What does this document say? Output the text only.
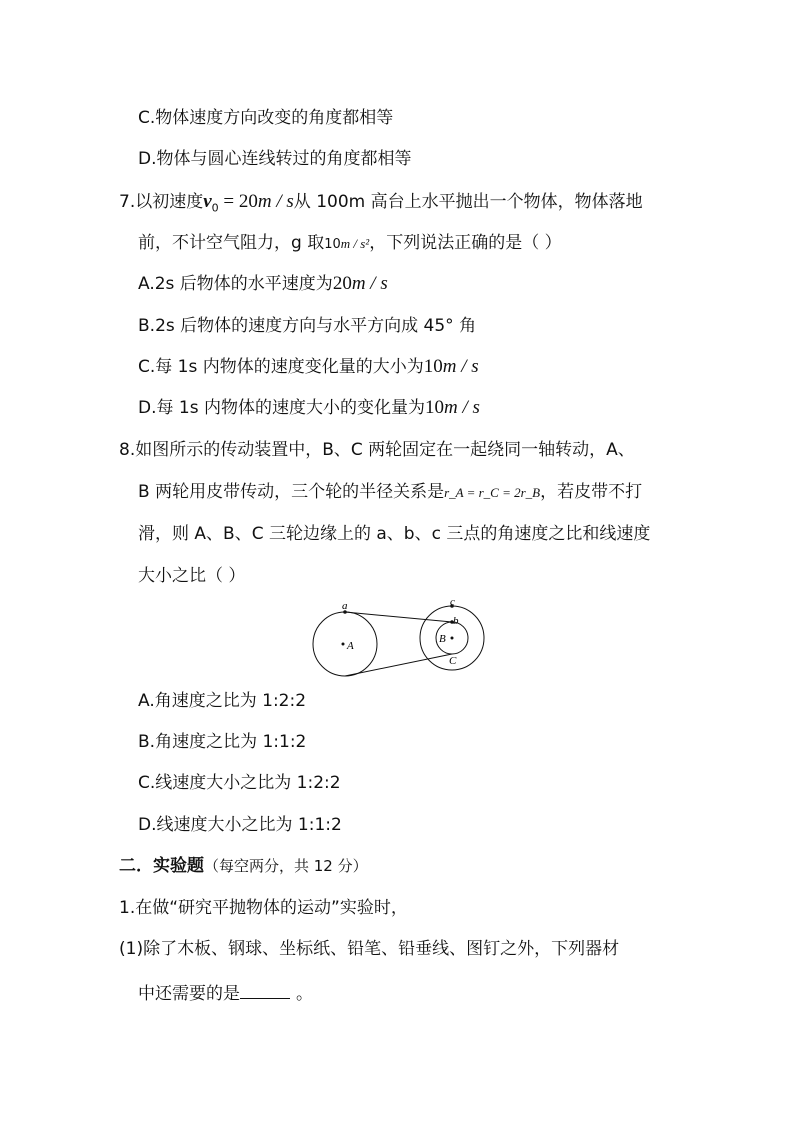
C.物体速度方向改变的角度都相等
D.物体与圆心连线转过的角度都相等
7.以初速度$v_0 = 20m / s$从 100m 高台上水平抛出一个物体，物体落地
前，不计空气阻力，g 取10m / s²，下列说法正确的是（ ）
A.2s 后物体的水平速度为20m / s
B.2s 后物体的速度方向与水平方向成 45° 角
C.每 1s 内物体的速度变化量的大小为10m / s
D.每 1s 内物体的速度大小的变化量为10m / s
8.如图所示的传动装置中，B、C 两轮固定在一起绕同一轴转动，A、
B 两轮用皮带传动，三个轮的半径关系是r_A = r_C = 2r_B，若皮带不打
滑，则 A、B、C 三轮边缘上的 a、b、c 三点的角速度之比和线速度
大小之比（ ）
a
A
c
b
B
C
A.角速度之比为 1:2:2
B.角速度之比为 1:1:2
C.线速度大小之比为 1:2:2
D.线速度大小之比为 1:1:2
二．实验题（每空两分，共 12 分）
1.在做“研究平抛物体的运动”实验时，
(1)除了木板、钢球、坐标纸、铅笔、铅垂线、图钉之外，下列器材
中还需要的是	。
